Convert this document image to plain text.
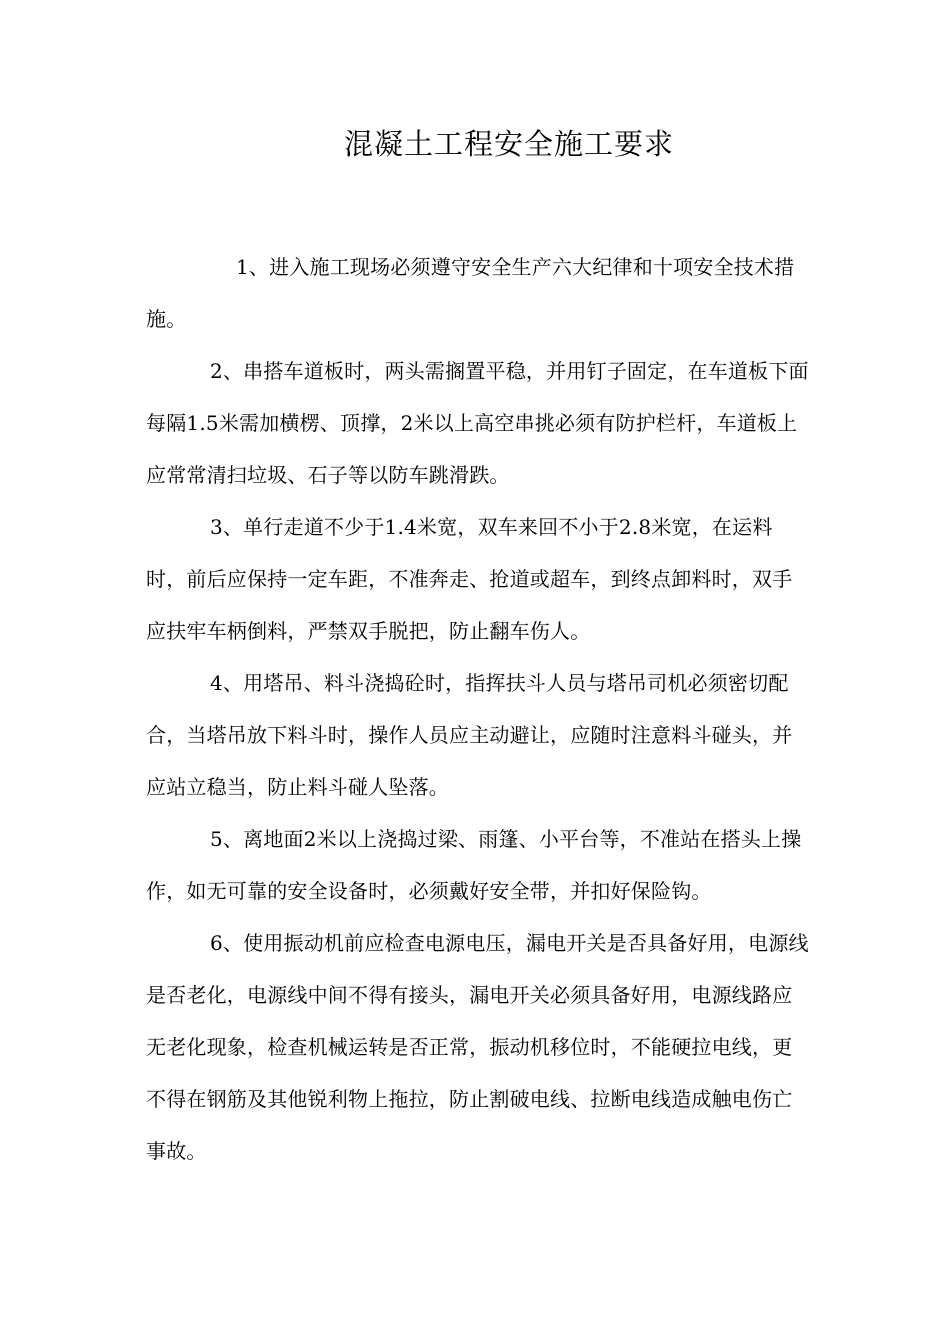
混凝土工程安全施工要求

1、进入施工现场必须遵守安全生产六大纪律和十项安全技术措施。

2、串搭车道板时，两头需搁置平稳，并用钉子固定，在车道板下面每隔1.5米需加横楞、顶撑，2米以上高空串挑必须有防护栏杆，车道板上应常常清扫垃圾、石子等以防车跳滑跌。

3、单行走道不少于1.4米宽，双车来回不小于2.8米宽，在运料时，前后应保持一定车距，不准奔走、抢道或超车，到终点卸料时，双手应扶牢车柄倒料，严禁双手脱把，防止翻车伤人。

4、用塔吊、料斗浇捣砼时，指挥扶斗人员与塔吊司机必须密切配合，当塔吊放下料斗时，操作人员应主动避让，应随时注意料斗碰头，并应站立稳当，防止料斗碰人坠落。

5、离地面2米以上浇捣过梁、雨篷、小平台等，不准站在搭头上操作，如无可靠的安全设备时，必须戴好安全带，并扣好保险钩。

6、使用振动机前应检查电源电压，漏电开关是否具备好用，电源线是否老化，电源线中间不得有接头，漏电开关必须具备好用，电源线路应无老化现象，检查机械运转是否正常，振动机移位时，不能硬拉电线，更不得在钢筋及其他锐利物上拖拉，防止割破电线、拉断电线造成触电伤亡事故。
